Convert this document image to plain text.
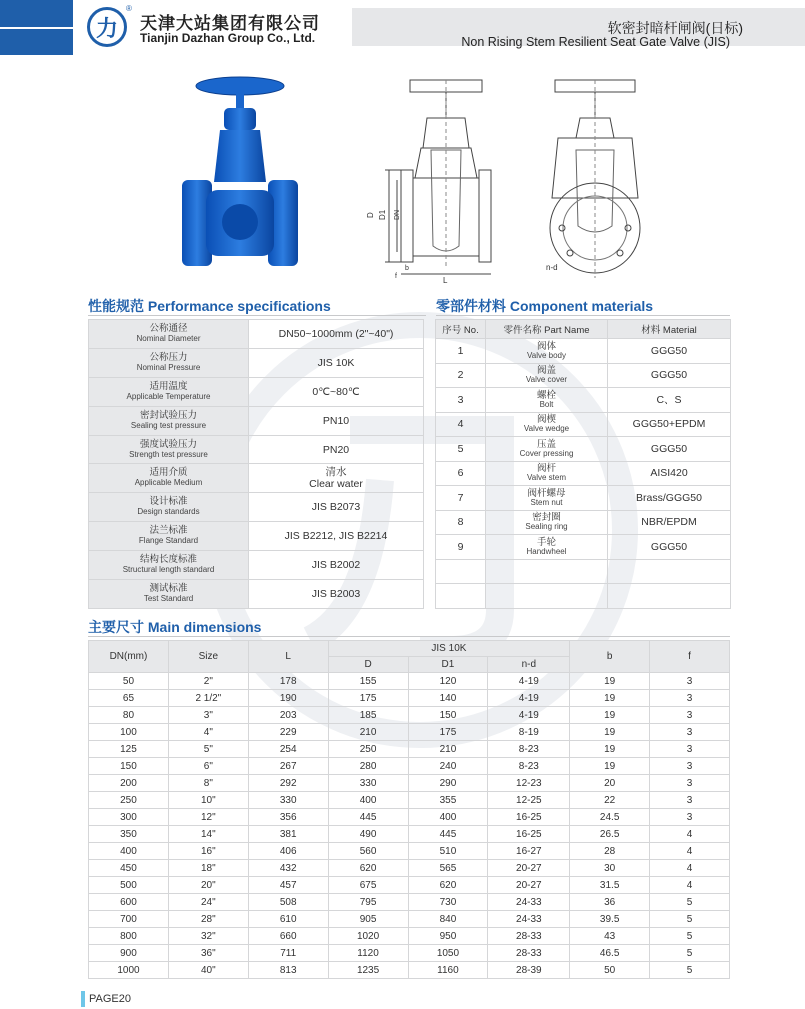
力
®
天津大站集团有限公司
Tianjin Dazhan Group Co., Ltd.
软密封暗杆闸阀(日标)
Non Rising Stem Resilient Seat Gate Valve (JIS)
D D1 DN
f
b
L
n-d
性能规范 Performance specifications
公称通径
Nominal Diameter	DN50~1000mm (2"~40")

公称压力
Nominal Pressure	JIS 10K

适用温度
Applicable Temperature	0℃~80℃

密封试验压力
Sealing test pressure	PN10

强度试验压力
Strength test pressure	PN20

适用介质
Applicable Medium	清水
Clear water

设计标准
Design standards	JIS B2073

法兰标准
Flange Standard	JIS B2212, JIS B2214

结构长度标准
Structural length standard	JIS B2002

测试标准
Test Standard	JIS B2003
零部件材料 Component materials
序号 No.	零件名称 Part Name	材料 Material
1	阀体
Valve body	GGG50
2	阀盖
Valve cover	GGG50
3	螺栓
Bolt	C、S
4	阀楔
Valve wedge	GGG50+EPDM
5	压盖
Cover pressing	GGG50
6	阀杆
Valve stem	AISI420
7	阀杆螺母
Stem nut	Brass/GGG50
8	密封圈
Sealing ring	NBR/EPDM
9	手轮
Handwheel	GGG50

主要尺寸 Main dimensions
DN(mm)	Size	L	JIS 10K			b	f
			D	D1	n-d		
50	2"	178	155	120	4-19	19	3
65	2 1/2"	190	175	140	4-19	19	3
80	3"	203	185	150	4-19	19	3
100	4"	229	210	175	8-19	19	3
125	5"	254	250	210	8-23	19	3
150	6"	267	280	240	8-23	19	3
200	8"	292	330	290	12-23	20	3
250	10"	330	400	355	12-25	22	3
300	12"	356	445	400	16-25	24.5	3
350	14"	381	490	445	16-25	26.5	4
400	16"	406	560	510	16-27	28	4
450	18"	432	620	565	20-27	30	4
500	20"	457	675	620	20-27	31.5	4
600	24"	508	795	730	24-33	36	5
700	28"	610	905	840	24-33	39.5	5
800	32"	660	1020	950	28-33	43	5
900	36"	711	1120	1050	28-33	46.5	5
1000	40"	813	1235	1160	28-39	50	5
PAGE20
